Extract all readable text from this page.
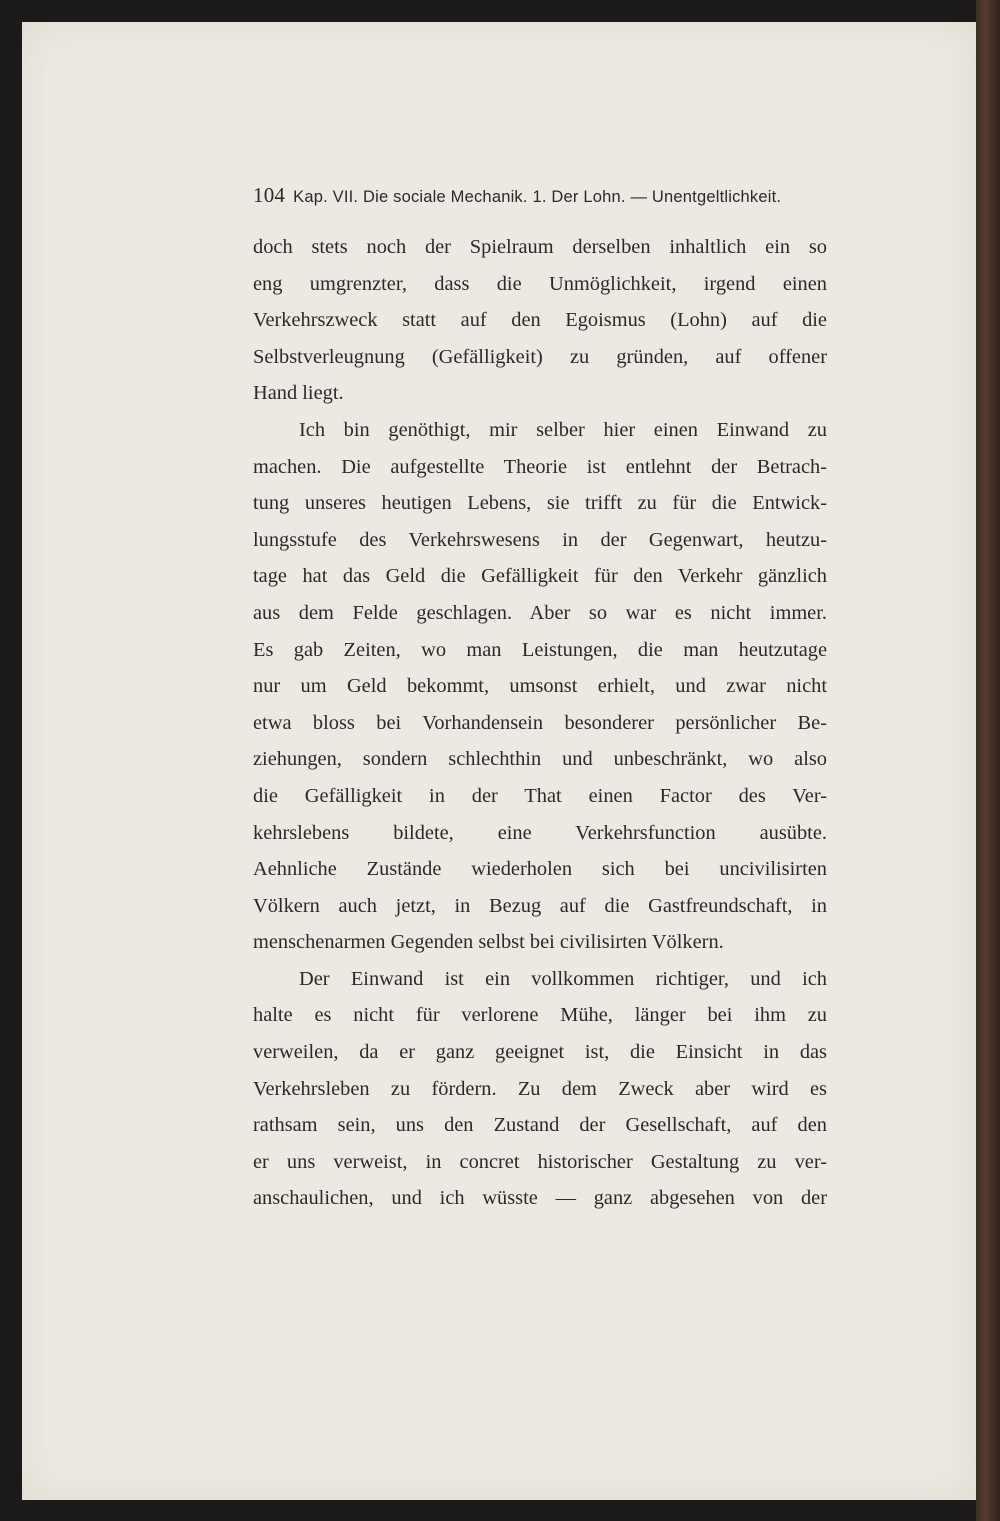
104 Kap. VII. Die sociale Mechanik. 1. Der Lohn. — Unentgeltlichkeit.
doch stets noch der Spielraum derselben inhaltlich ein so
eng umgrenzter, dass die Unmöglichkeit, irgend einen
Verkehrszweck statt auf den Egoismus (Lohn) auf die
Selbstverleugnung (Gefälligkeit) zu gründen, auf offener
Hand liegt.
Ich bin genöthigt, mir selber hier einen Einwand zu
machen. Die aufgestellte Theorie ist entlehnt der Betrach-
tung unseres heutigen Lebens, sie trifft zu für die Entwick-
lungsstufe des Verkehrswesens in der Gegenwart, heutzu-
tage hat das Geld die Gefälligkeit für den Verkehr gänzlich
aus dem Felde geschlagen. Aber so war es nicht immer.
Es gab Zeiten, wo man Leistungen, die man heutzutage
nur um Geld bekommt, umsonst erhielt, und zwar nicht
etwa bloss bei Vorhandensein besonderer persönlicher Be-
ziehungen, sondern schlechthin und unbeschränkt, wo also
die Gefälligkeit in der That einen Factor des Ver-
kehrslebens bildete, eine Verkehrsfunction ausübte.
Aehnliche Zustände wiederholen sich bei uncivilisirten
Völkern auch jetzt, in Bezug auf die Gastfreundschaft, in
menschenarmen Gegenden selbst bei civilisirten Völkern.
Der Einwand ist ein vollkommen richtiger, und ich
halte es nicht für verlorene Mühe, länger bei ihm zu
verweilen, da er ganz geeignet ist, die Einsicht in das
Verkehrsleben zu fördern. Zu dem Zweck aber wird es
rathsam sein, uns den Zustand der Gesellschaft, auf den
er uns verweist, in concret historischer Gestaltung zu ver-
anschaulichen, und ich wüsste — ganz abgesehen von der
